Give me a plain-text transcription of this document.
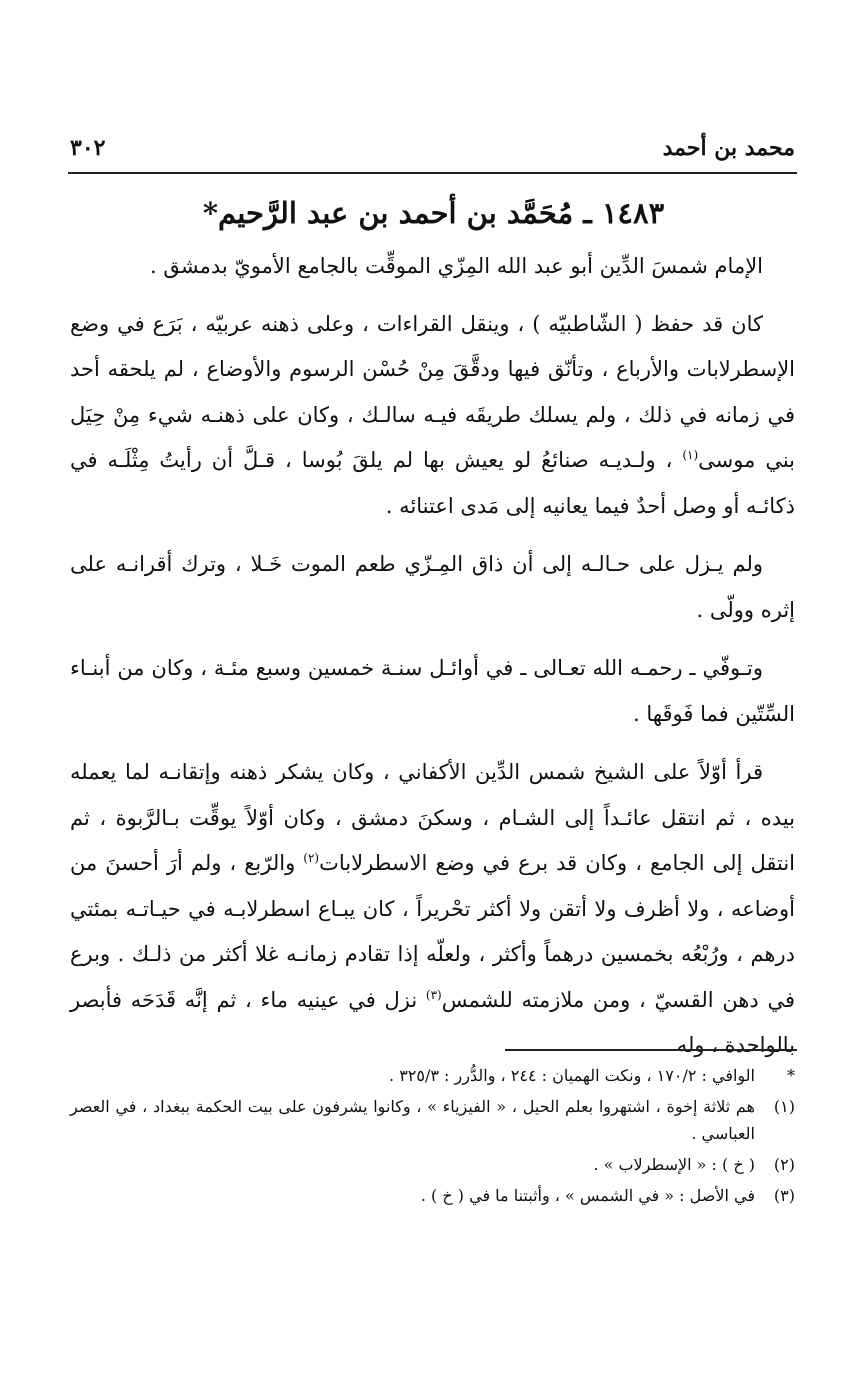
محمد بن أحمد
٣٠٢
١٤٨٣ ـ مُحَمَّد بن أحمد بن عبد الرَّحيم*

الإمام شمسَ الدِّين أبو عبد الله المِزّي الموقِّت بالجامع الأمويّ بدمشق .

كان قد حفظ ( الشّاطبيّه ) ، وينقل القراءات ، وعلى ذهنه عربيّه ، بَرَع في وضع الإسطرلابات والأرباع ، وتأنّق فيها ودقَّقَ مِنْ حُسْن الرسوم والأوضاع ، لم يلحقه أحد في زمانه في ذلك ، ولم يسلك طريقَه فيـه سالـك ، وكان على ذهنـه شيء مِنْ حِيَل بني موسى$^{(١)}$ ، ولـديـه صنائعُ لو يعيش بها لم يلقَ بُوسا ، قـلَّ أن رأيتُ مِثْلَـه في ذكائـه أو وصل أحدٌ فيما يعانيه إلى مَدى اعتنائه .

ولم يـزل على حـالـه إلى أن ذاق المِـزّي طعم الموت خَـلا ، وترك أقرانـه على إثره وولّى .

وتـوفّي ـ رحمـه الله تعـالى ـ في أوائـل سنـة خمسين وسبع مئـة ، وكان من أبنـاء السِّتّين فما فَوقَها .

قرأ أوّلاً على الشيخ شمس الدِّين الأكفاني ، وكان يشكر ذهنه وإتقانـه لما يعمله بيده ، ثم انتقل عائـداً إلى الشـام ، وسكنَ دمشق ، وكان أوّلاً يوقِّت بـالرَّبوة ، ثم انتقل إلى الجامع ، وكان قد برع في وضع الاسطرلابات$^{(٢)}$ والرّبع ، ولم أرَ أحسنَ من أوضاعه ، ولا أظرف ولا أتقن ولا أكثر تحْريراً ، كان يبـاع اسطرلابـه في حيـاتـه بمئتي درهم ، ورُبْعُه بخمسين درهماً وأكثر ، ولعلّه إذا تقادم زمانـه غلا أكثر من ذلـك . وبرع في دهن القسيّ ، ومن ملازمته للشمس$^{(٣)}$ نزل في عينيه ماء ، ثم إنَّه قَدَحَه فأبصر بالواحدة ، وله

*
الوافي : ١٧٠/٢ ، ونكت الهميان : ٢٤٤ ، والدُّرر : ٣٢٥/٣ .
(١)
هم ثلاثة إخوة ، اشتهروا بعلم الحيل ، « الفيزياء » ، وكانوا يشرفون على بيت الحكمة ببغداد ، في العصر العباسي .
(٢)
( خ ) : « الإسطرلاب » .
(٣)
في الأصل : « في الشمس » ، وأثبتنا ما في ( خ ) .
